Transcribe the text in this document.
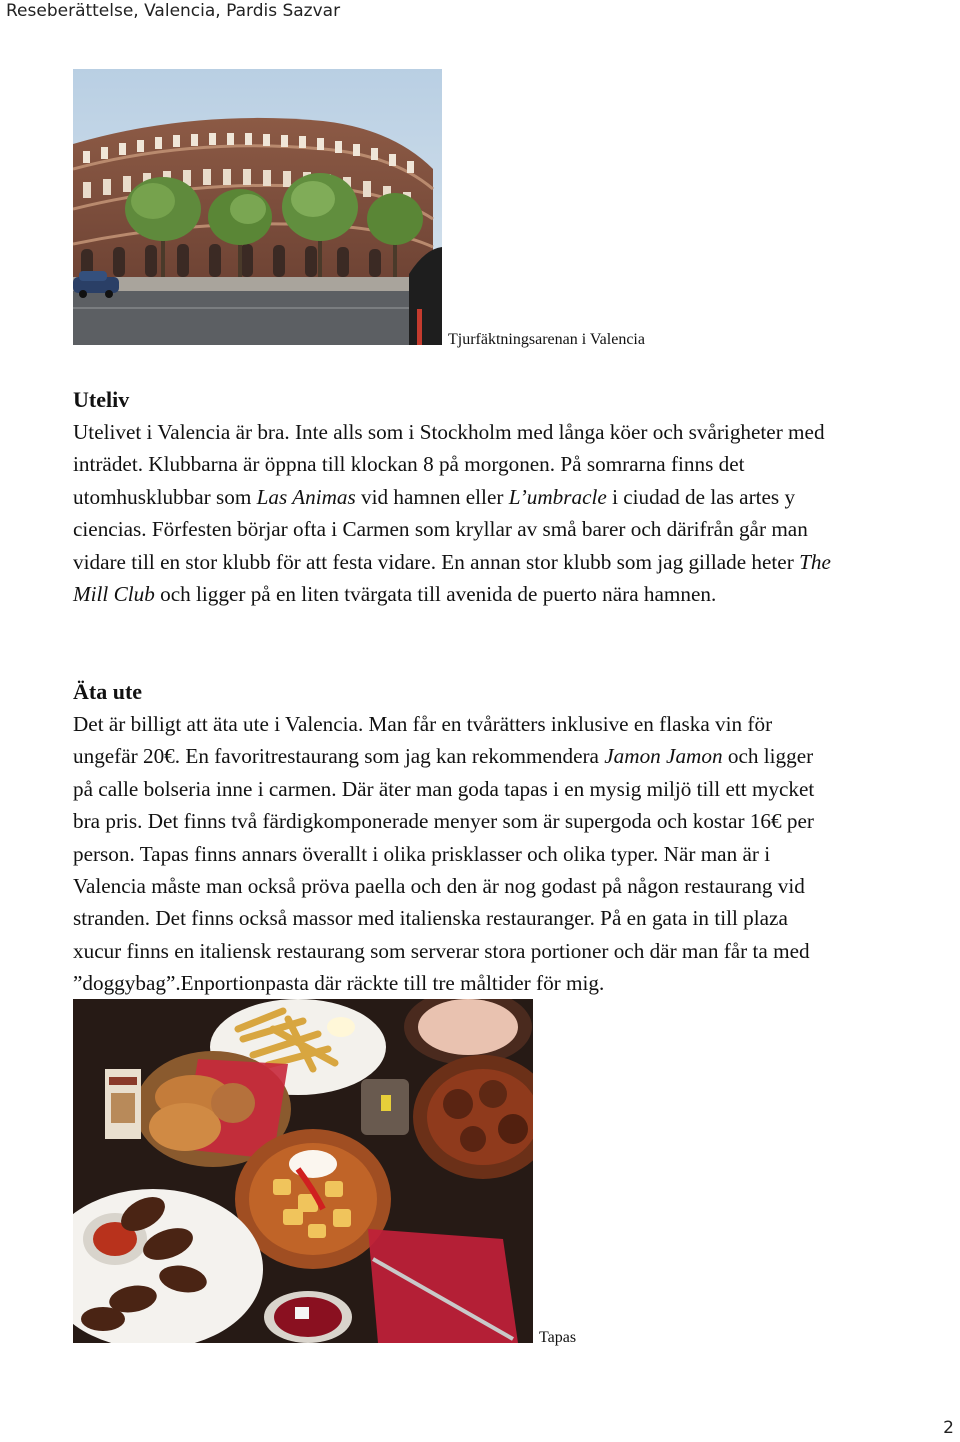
Reseberättelse, Valencia, Pardis Sazvar
Tjurfäktningsarenan i Valencia
Uteliv
Utelivet i Valencia är bra. Inte alls som i Stockholm med långa köer och svårigheter med
inträdet. Klubbarna är öppna till klockan 8 på morgonen. På somrarna finns det
utomhusklubbar som Las Animas vid hamnen eller L’umbracle i ciudad de las artes y
ciencias. Förfesten börjar ofta i Carmen som kryllar av små barer och därifrån går man
vidare till en stor klubb för att festa vidare. En annan stor klubb som jag gillade heter The
Mill Club och ligger på en liten tvärgata till avenida de puerto nära hamnen.
Äta ute
Det är billigt att äta ute i Valencia. Man får en tvårätters inklusive en flaska vin för
ungefär 20€. En favoritrestaurang som jag kan rekommendera Jamon Jamon och ligger
på calle bolseria inne i carmen. Där äter man goda tapas i en mysig miljö till ett mycket
bra pris. Det finns två färdigkomponerade menyer som är supergoda och kostar 16€ per
person. Tapas finns annars överallt i olika prisklasser och olika typer. När man är i
Valencia måste man också pröva paella och den är nog godast på någon restaurang vid
stranden. Det finns också massor med italienska restauranger. På en gata in till plaza
xucur finns en italiensk restaurang som serverar stora portioner och där man får ta med
”doggybag”.Enportionpasta där räckte till tre måltider för mig.
Tapas
2
